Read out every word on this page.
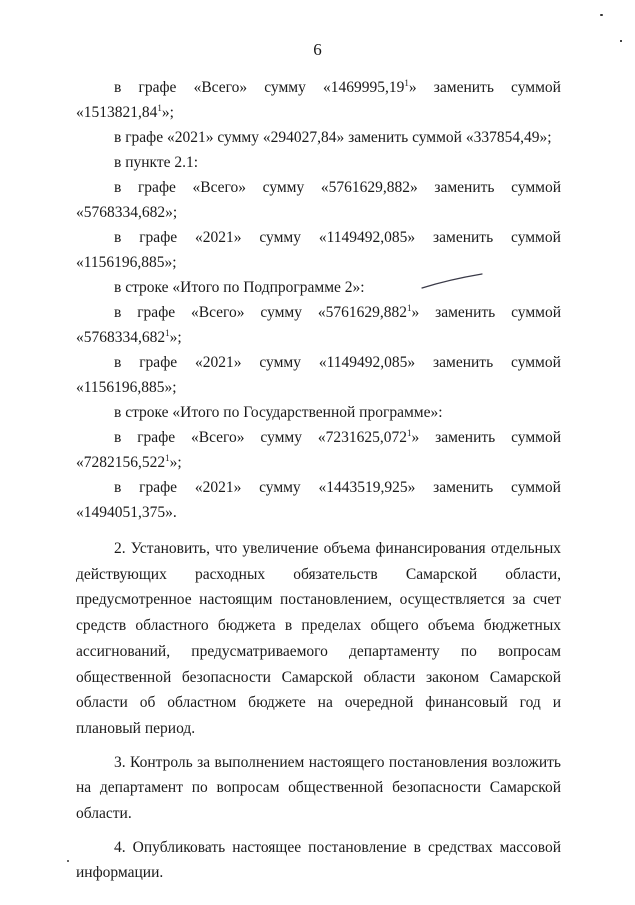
6
в графе «Всего» сумму «1469995,19$^1$» заменить суммой
«1513821,84$^1$»;
в графе «2021» сумму «294027,84» заменить суммой «337854,49»;
в пункте 2.1:
в графе «Всего» сумму «5761629,882» заменить суммой
«5768334,682»;
в графе «2021» сумму «1149492,085» заменить суммой
«1156196,885»;
в строке «Итого по Подпрограмме 2»:
в графе «Всего» сумму «5761629,882$^1$» заменить суммой
«5768334,682$^1$»;
в графе «2021» сумму «1149492,085» заменить суммой
«1156196,885»;
в строке «Итого по Государственной программе»:
в графе «Всего» сумму «7231625,072$^1$» заменить суммой
«7282156,522$^1$»;
в графе «2021» сумму «1443519,925» заменить суммой
«1494051,375».
2. Установить, что увеличение объема финансирования отдельных действующих расходных обязательств Самарской области, предусмотренное настоящим постановлением, осуществляется за счет средств областного бюджета в пределах общего объема бюджетных ассигнований, предусматриваемого департаменту по вопросам общественной безопасности Самарской области законом Самарской области об областном бюджете на очередной финансовый год и плановый период.
3. Контроль за выполнением настоящего постановления возложить на департамент по вопросам общественной безопасности Самарской области.
4. Опубликовать настоящее постановление в средствах массовой информации.
